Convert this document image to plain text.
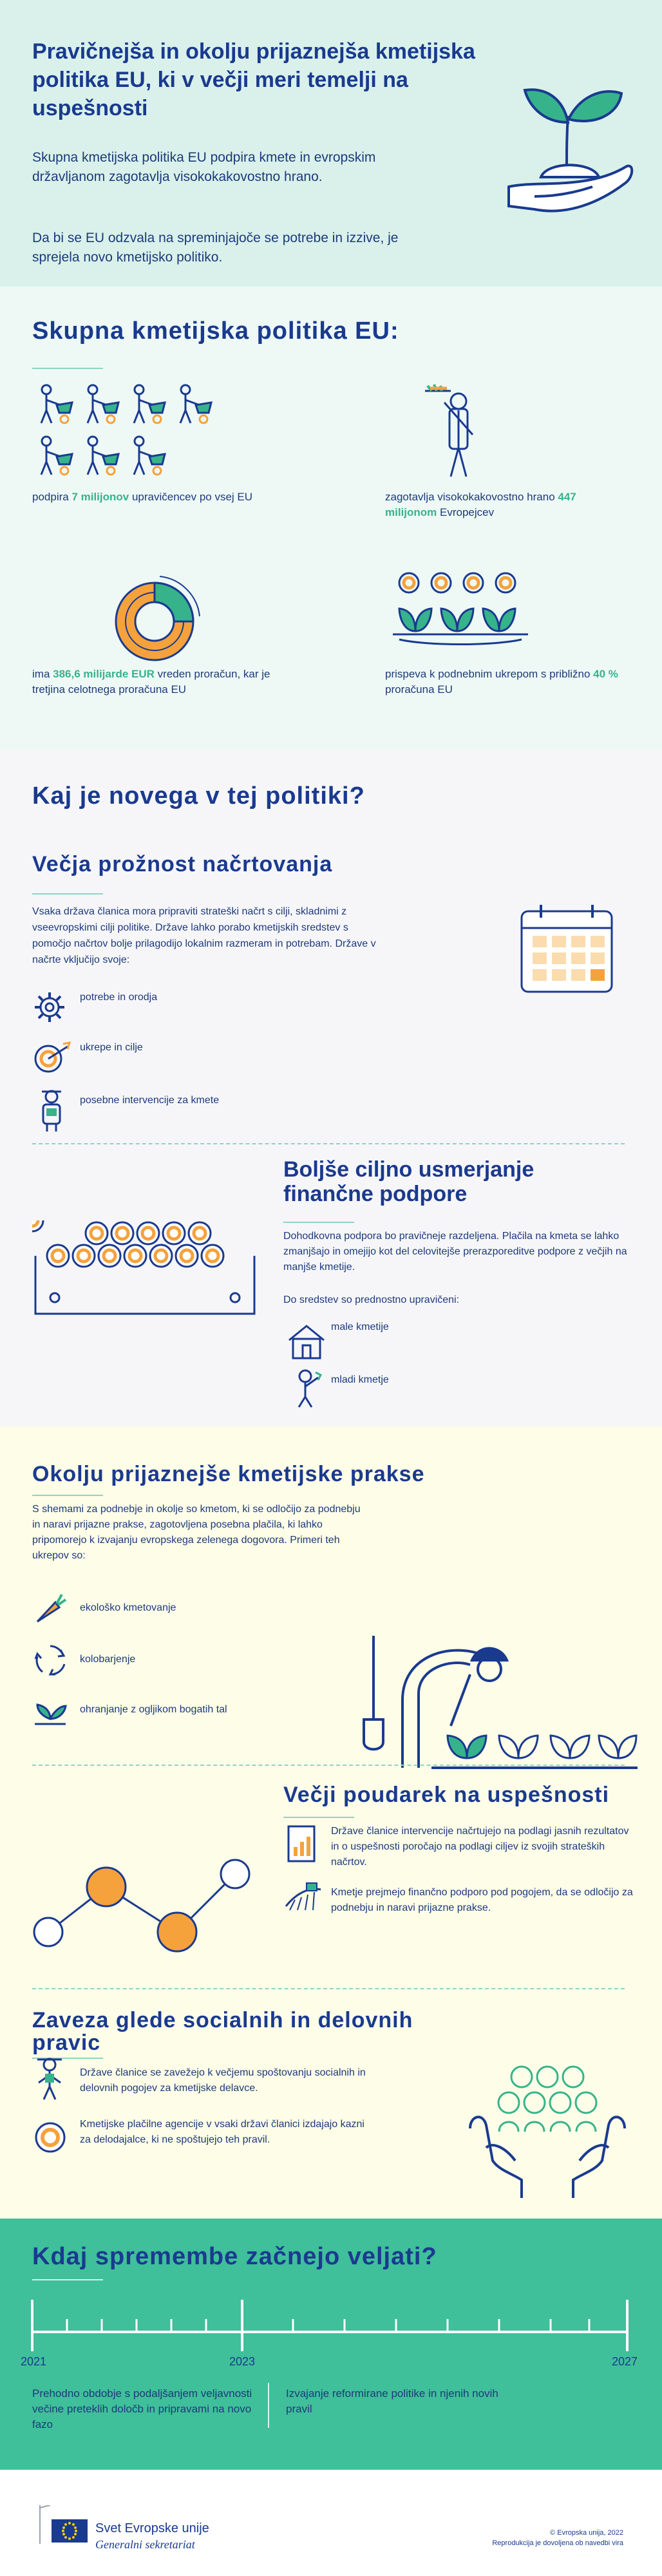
Pravičnejša in okolju prijaznejša kmetijska politika EU, ki v večji meri temelji na uspešnosti
Skupna kmetijska politika EU podpira kmete in evropskim državljanom zagotavlja visokokakovostno hrano.
Da bi se EU odzvala na spreminjajoče se potrebe in izzive, je sprejela novo kmetijsko politiko.
Skupna kmetijska politika EU:
podpira 7 milijonov upravičencev po vsej EU	zagotavlja visokokakovostno hrano 447 milijonom Evropejcev
ima 386,6 milijarde EUR vreden proračun, kar je tretjina celotnega proračuna EU
prispeva k podnebnim ukrepom s približno 40 % proračuna EU
Kaj je novega v tej politiki?
Večja prožnost načrtovanja
Vsaka država članica mora pripraviti strateški načrt s cilji, skladnimi z vseevropskimi cilji politike. Države lahko porabo kmetijskih sredstev s pomočjo načrtov bolje prilagodijo lokalnim razmeram in potrebam. Države v načrte vključijo svoje:
potrebe in orodja
ukrepe in cilje
posebne intervencije za kmete
Boljše ciljno usmerjanje finančne podpore
Dohodkovna podpora bo pravičneje razdeljena. Plačila na kmeta se lahko zmanjšajo in omejijo kot del celovitejše prerazporeditve podpore z večjih na manjše kmetije.
Do sredstev so prednostno upravičeni:
male kmetije
mladi kmetje
Okolju prijaznejše kmetijske prakse
S shemami za podnebje in okolje so kmetom, ki se odločijo za podnebju in naravi prijazne prakse, zagotovljena posebna plačila, ki lahko pripomorejo k izvajanju evropskega zelenega dogovora. Primeri teh ukrepov so:
ekološko kmetovanje
kolobarjenje
ohranjanje z ogljikom bogatih tal
Večji poudarek na uspešnosti
Države članice intervencije načrtujejo na podlagi jasnih rezultatov in o uspešnosti poročajo na podlagi ciljev iz svojih strateških načrtov.
Kmetje prejmejo finančno podporo pod pogojem, da se odločijo za podnebju in naravi prijazne prakse.
Zaveza glede socialnih in delovnih pravic
Države članice se zavežejo k večjemu spoštovanju socialnih in delovnih pogojev za kmetijske delavce.
Kmetijske plačilne agencije v vsaki državi članici izdajajo kazni za delodajalce, ki ne spoštujejo teh pravil.
Kdaj spremembe začnejo veljati?
2021	2023	2027
Prehodno obdobje s podaljšanjem veljavnosti večine preteklih določb in pripravami na novo fazo
Izvajanje reformirane politike in njenih novih pravil
Svet Evropske unije
Generalni sekretariat
© Evropska unija, 2022
Reprodukcija je dovoljena ob navedbi vira
